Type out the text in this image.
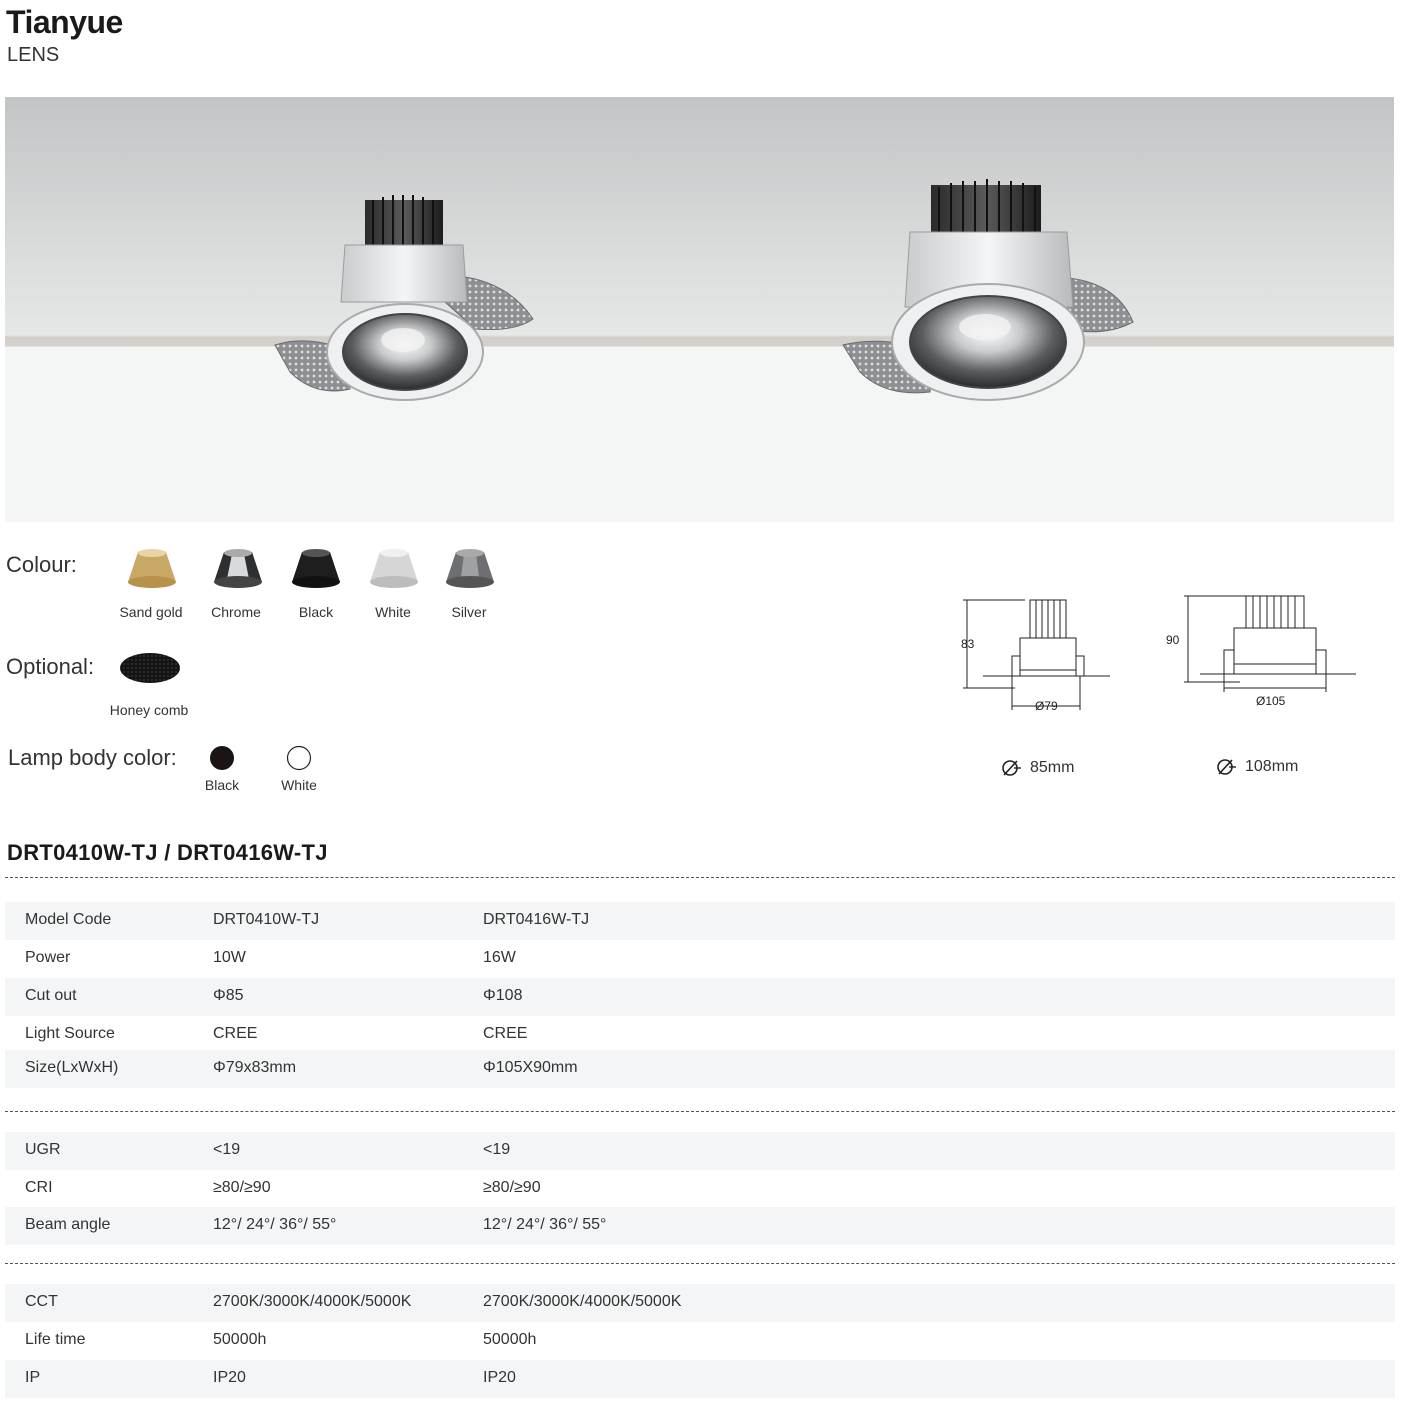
Tianyue
LENS
Colour:
Sand gold	Chrome	Black	White	Silver
Optional:
Honey comb
Lamp body color:
Black	White
83
Ø79
90
Ø105
85mm	108mm
DRT0410W-TJ / DRT0416W-TJ
Model Code	DRT0410W-TJ	DRT0416W-TJ
Power	10W	16W
Cut out	Φ85	Φ108
Light Source	CREE	CREE
Size(LxWxH)	Φ79x83mm	Φ105X90mm
UGR	<19	<19
CRI	≥80/≥90	≥80/≥90
Beam angle	12°/ 24°/ 36°/ 55°	12°/ 24°/ 36°/ 55°
CCT	2700K/3000K/4000K/5000K	2700K/3000K/4000K/5000K
Life time	50000h	50000h
IP	IP20	IP20
